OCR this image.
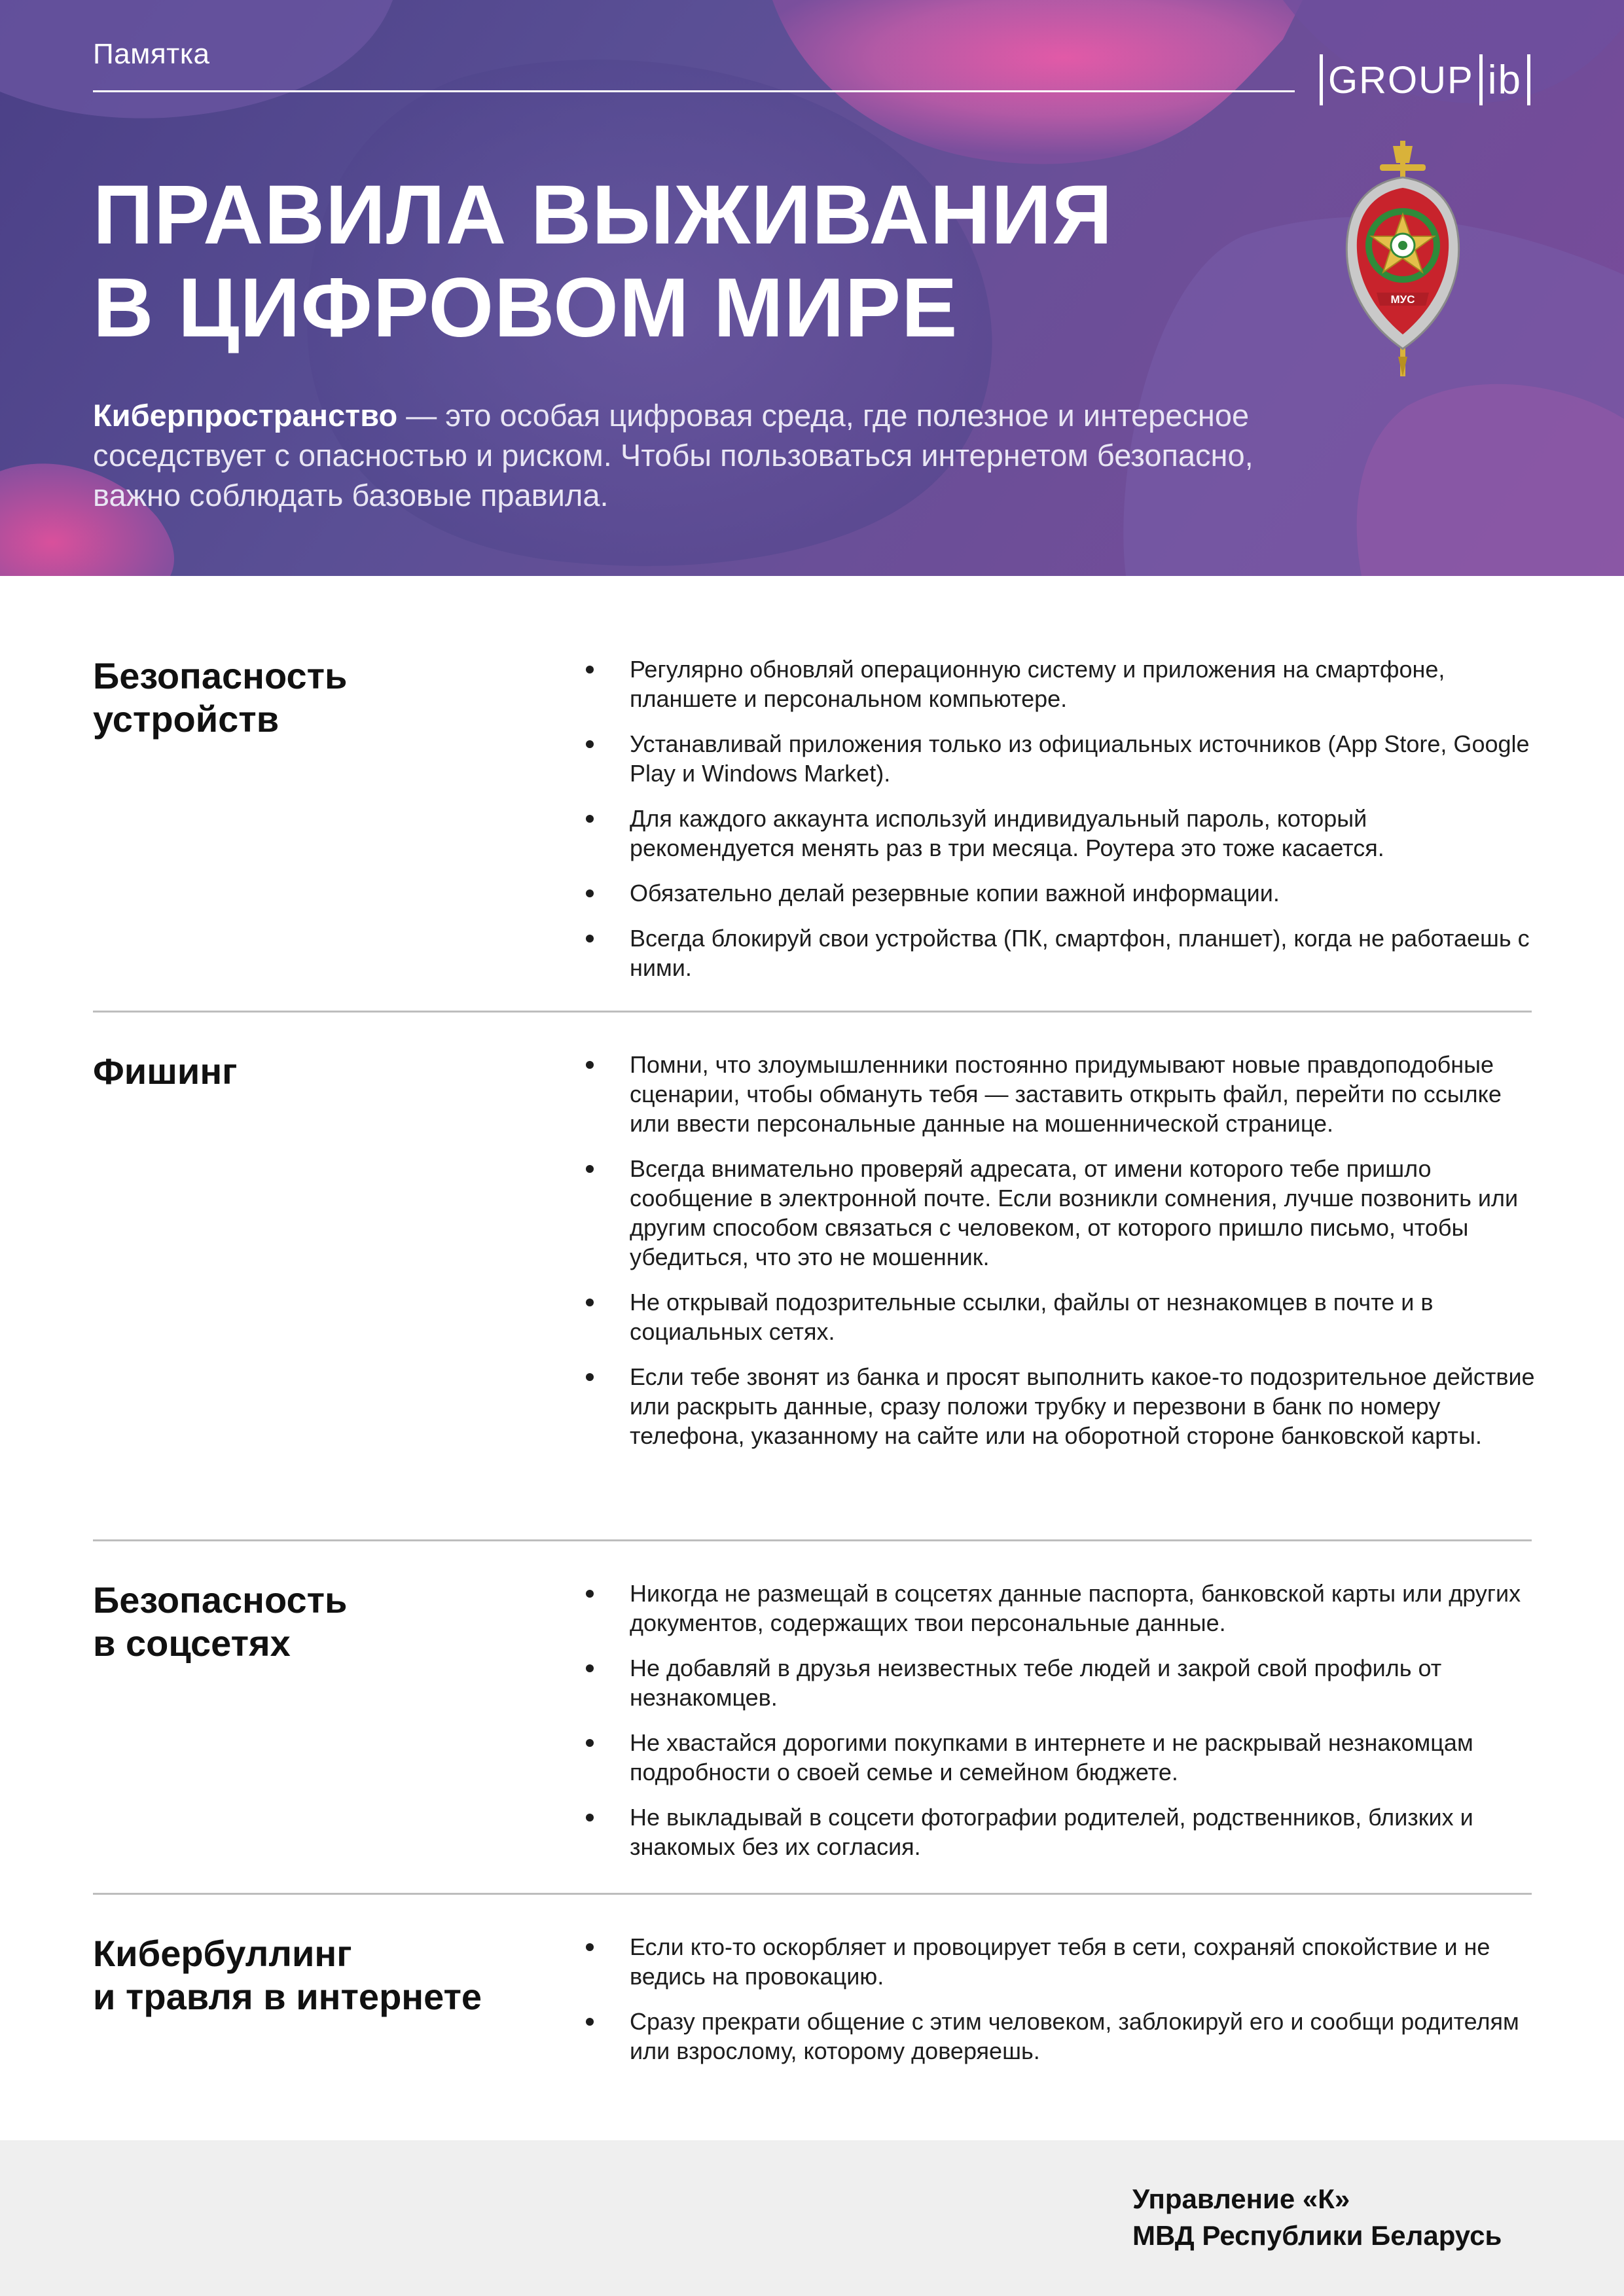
Памятка
GROUP ib
МУС
ПРАВИЛА ВЫЖИВАНИЯ
В ЦИФРОВОМ МИРЕ

Киберпространство — это особая цифровая среда, где полезное и интересное соседствует с опасностью и риском. Чтобы пользоваться интернетом безопасно, важно соблюдать базовые правила.

Безопасность
устройств
Регулярно обновляй операционную систему и приложения на смартфоне, планшете и персональном компьютере.
Устанавливай приложения только из официальных источников (App Store, Google Play и Windows Market).
Для каждого аккаунта используй индивидуальный пароль, который рекомендуется менять раз в три месяца. Роутера это тоже касается.
Обязательно делай резервные копии важной информации.
Всегда блокируй свои устройства (ПК, смартфон, планшет), когда не работаешь с ними.
Фишинг	Помни, что злоумышленники постоянно придумывают новые правдоподобные сценарии, чтобы обмануть тебя — заставить открыть файл, перейти по ссылке или ввести персональные данные на мошеннической странице.
Всегда внимательно проверяй адресата, от имени которого тебе пришло сообщение в электронной почте. Если возникли сомнения, лучше позвонить или другим способом связаться с человеком, от которого пришло письмо, чтобы убедиться, что это не мошенник.
Не открывай подозрительные ссылки, файлы от незнакомцев в почте и в социальных сетях.
Если тебе звонят из банка и просят выполнить какое-то подозрительное действие или раскрыть данные, сразу положи трубку и перезвони в банк по номеру телефона, указанному на сайте или на оборотной стороне банковской карты.
Безопасность
в соцсетях
Никогда не размещай в соцсетях данные паспорта, банковской карты или других документов, содержащих твои персональные данные.
Не добавляй в друзья неизвестных тебе людей и закрой свой профиль от незнакомцев.
Не хвастайся дорогими покупками в интернете и не раскрывай незнакомцам подробности о своей семье и семейном бюджете.
Не выкладывай в соцсети фотографии родителей, родственников, близких и знакомых без их согласия.
Кибербуллинг
и травля в интернете
Если кто-то оскорбляет и провоцирует тебя в сети, сохраняй спокойствие и не ведись на провокацию.
Сразу прекрати общение с этим человеком, заблокируй его и сообщи родителям или взрослому, которому доверяешь.
Управление «К»
МВД Республики Беларусь
